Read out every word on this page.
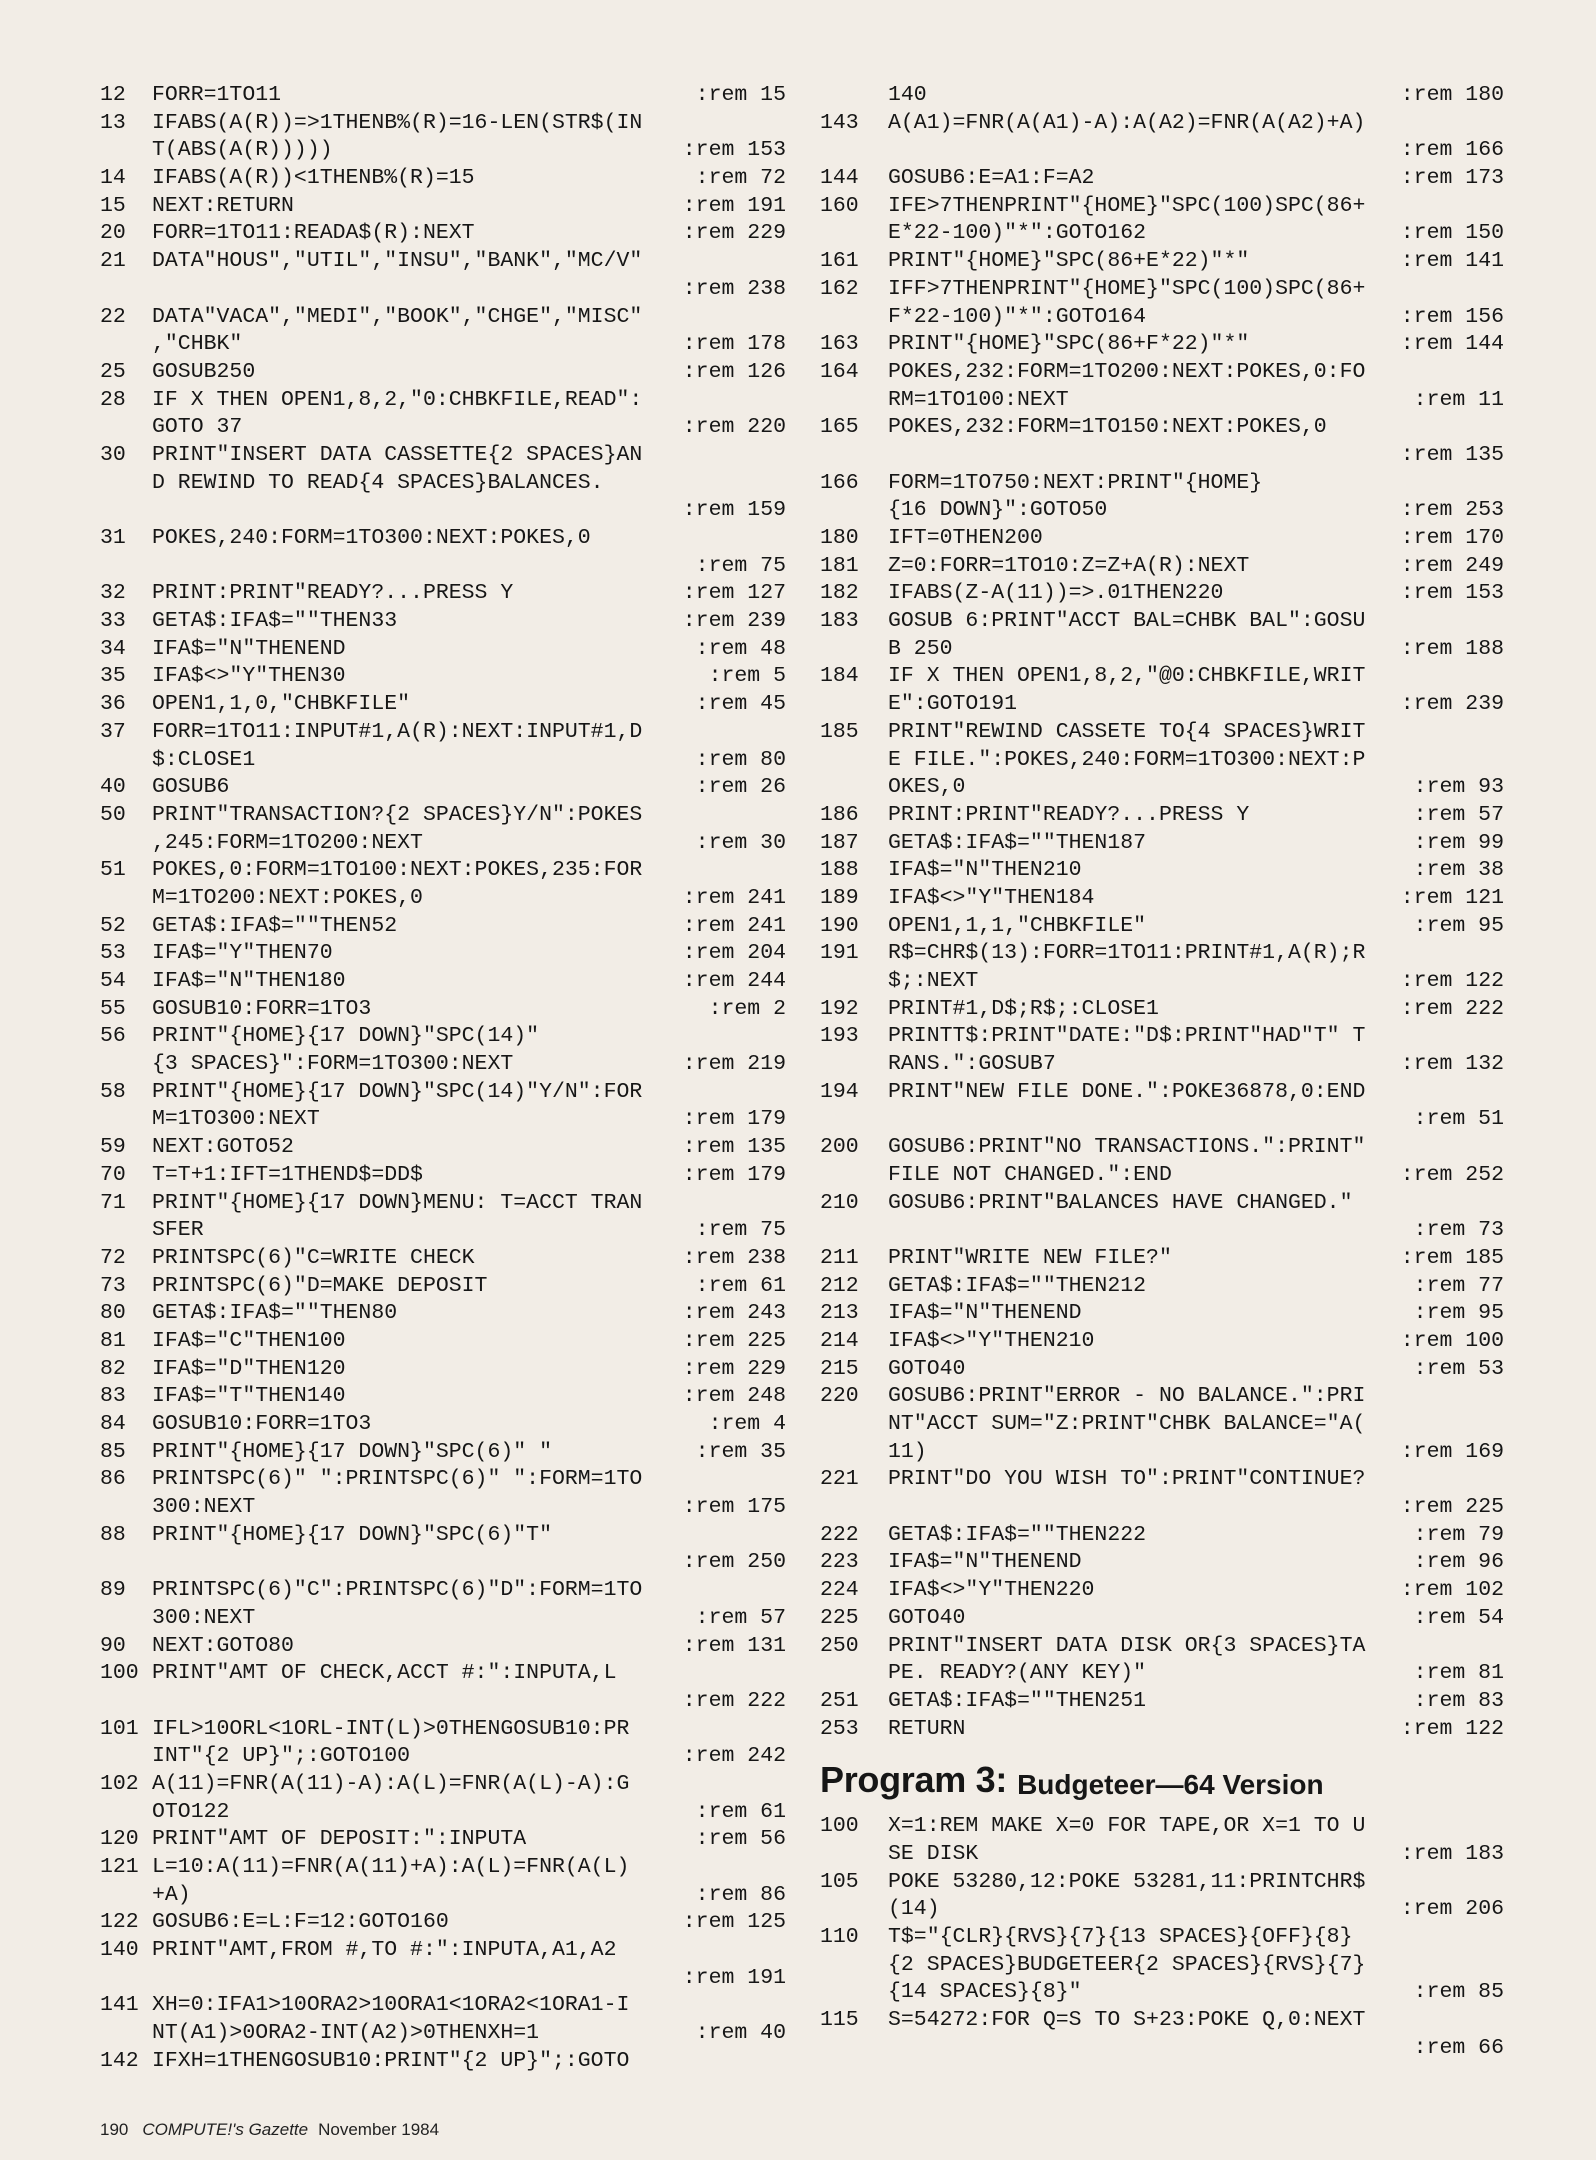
12	FORR=1TO11	:rem 15
13	IFABS(A(R))=>1THENB%(R)=16-LEN(STR$(IN
T(ABS(A(R)))))	:rem 153
14	IFABS(A(R))<1THENB%(R)=15	:rem 72
15	NEXT:RETURN	:rem 191
20	FORR=1TO11:READA$(R):NEXT	:rem 229
21	DATA"HOUS","UTIL","INSU","BANK","MC/V"
:rem 238
22	DATA"VACA","MEDI","BOOK","CHGE","MISC"
,"CHBK"	:rem 178
25	GOSUB250	:rem 126
28	IF X THEN OPEN1,8,2,"0:CHBKFILE,READ":
GOTO 37	:rem 220
30	PRINT"INSERT DATA CASSETTE{2 SPACES}AN
D REWIND TO READ{4 SPACES}BALANCES.
:rem 159
31	POKES,240:FORM=1TO300:NEXT:POKES,0
:rem 75
32	PRINT:PRINT"READY?...PRESS Y	:rem 127
33	GETA$:IFA$=""THEN33	:rem 239
34	IFA$="N"THENEND	:rem 48
35	IFA$<>"Y"THEN30	:rem 5
36	OPEN1,1,0,"CHBKFILE"	:rem 45
37	FORR=1TO11:INPUT#1,A(R):NEXT:INPUT#1,D
$:CLOSE1	:rem 80
40	GOSUB6	:rem 26
50	PRINT"TRANSACTION?{2 SPACES}Y/N":POKES
,245:FORM=1TO200:NEXT	:rem 30
51	POKES,0:FORM=1TO100:NEXT:POKES,235:FOR
M=1TO200:NEXT:POKES,0	:rem 241
52	GETA$:IFA$=""THEN52	:rem 241
53	IFA$="Y"THEN70	:rem 204
54	IFA$="N"THEN180	:rem 244
55	GOSUB10:FORR=1TO3	:rem 2
56	PRINT"{HOME}{17 DOWN}"SPC(14)"
{3 SPACES}":FORM=1TO300:NEXT	:rem 219
58	PRINT"{HOME}{17 DOWN}"SPC(14)"Y/N":FOR
M=1TO300:NEXT	:rem 179
59	NEXT:GOTO52	:rem 135
70	T=T+1:IFT=1THEND$=DD$	:rem 179
71	PRINT"{HOME}{17 DOWN}MENU: T=ACCT TRAN
SFER	:rem 75
72	PRINTSPC(6)"C=WRITE CHECK	:rem 238
73	PRINTSPC(6)"D=MAKE DEPOSIT	:rem 61
80	GETA$:IFA$=""THEN80	:rem 243
81	IFA$="C"THEN100	:rem 225
82	IFA$="D"THEN120	:rem 229
83	IFA$="T"THEN140	:rem 248
84	GOSUB10:FORR=1TO3	:rem 4
85	PRINT"{HOME}{17 DOWN}"SPC(6)" "	:rem 35
86	PRINTSPC(6)" ":PRINTSPC(6)" ":FORM=1TO
300:NEXT	:rem 175
88	PRINT"{HOME}{17 DOWN}"SPC(6)"T"
:rem 250
89	PRINTSPC(6)"C":PRINTSPC(6)"D":FORM=1TO
300:NEXT	:rem 57
90	NEXT:GOTO80	:rem 131
100 PRINT"AMT OF CHECK,ACCT #:":INPUTA,L
:rem 222
101 IFL>10ORL<1ORL-INT(L)>0THENGOSUB10:PR
INT"{2 UP}";:GOTO100	:rem 242
102 A(11)=FNR(A(11)-A):A(L)=FNR(A(L)-A):G
OTO122	:rem 61
120 PRINT"AMT OF DEPOSIT:":INPUTA	:rem 56
121 L=10:A(11)=FNR(A(11)+A):A(L)=FNR(A(L)
+A)	:rem 86
122 GOSUB6:E=L:F=12:GOTO160	:rem 125
140 PRINT"AMT,FROM #,TO #:":INPUTA,A1,A2
:rem 191
141 XH=0:IFA1>10ORA2>10ORA1<1ORA2<1ORA1-I
NT(A1)>0ORA2-INT(A2)>0THENXH=1	:rem 40
142 IFXH=1THENGOSUB10:PRINT"{2 UP}";:GOTO
140	:rem 180
143	A(A1)=FNR(A(A1)-A):A(A2)=FNR(A(A2)+A)
:rem 166
144	GOSUB6:E=A1:F=A2	:rem 173
160	IFE>7THENPRINT"{HOME}"SPC(100)SPC(86+
E*22-100)"*":GOTO162	:rem 150
161	PRINT"{HOME}"SPC(86+E*22)"*"	:rem 141
162	IFF>7THENPRINT"{HOME}"SPC(100)SPC(86+
F*22-100)"*":GOTO164	:rem 156
163	PRINT"{HOME}"SPC(86+F*22)"*"	:rem 144
164	POKES,232:FORM=1TO200:NEXT:POKES,0:FO
RM=1TO100:NEXT	:rem 11
165	POKES,232:FORM=1TO150:NEXT:POKES,0
:rem 135
166	FORM=1TO750:NEXT:PRINT"{HOME}
{16 DOWN}":GOTO50	:rem 253
180	IFT=0THEN200	:rem 170
181	Z=0:FORR=1TO10:Z=Z+A(R):NEXT	:rem 249
182	IFABS(Z-A(11))=>.01THEN220	:rem 153
183	GOSUB 6:PRINT"ACCT BAL=CHBK BAL":GOSU
B 250	:rem 188
184	IF X THEN OPEN1,8,2,"@0:CHBKFILE,WRIT
E":GOTO191	:rem 239
185	PRINT"REWIND CASSETE TO{4 SPACES}WRIT
E FILE.":POKES,240:FORM=1TO300:NEXT:P
OKES,0	:rem 93
186	PRINT:PRINT"READY?...PRESS Y	:rem 57
187	GETA$:IFA$=""THEN187	:rem 99
188	IFA$="N"THEN210	:rem 38
189	IFA$<>"Y"THEN184	:rem 121
190	OPEN1,1,1,"CHBKFILE"	:rem 95
191	R$=CHR$(13):FORR=1TO11:PRINT#1,A(R);R
$;:NEXT	:rem 122
192	PRINT#1,D$;R$;:CLOSE1	:rem 222
193	PRINTT$:PRINT"DATE:"D$:PRINT"HAD"T" T
RANS.":GOSUB7	:rem 132
194	PRINT"NEW FILE DONE.":POKE36878,0:END
:rem 51
200	GOSUB6:PRINT"NO TRANSACTIONS.":PRINT"
FILE NOT CHANGED.":END	:rem 252
210	GOSUB6:PRINT"BALANCES HAVE CHANGED."
:rem 73
211	PRINT"WRITE NEW FILE?"	:rem 185
212	GETA$:IFA$=""THEN212	:rem 77
213	IFA$="N"THENEND	:rem 95
214	IFA$<>"Y"THEN210	:rem 100
215	GOTO40	:rem 53
220	GOSUB6:PRINT"ERROR - NO BALANCE.":PRI
NT"ACCT SUM="Z:PRINT"CHBK BALANCE="A(
11)	:rem 169
221	PRINT"DO YOU WISH TO":PRINT"CONTINUE?
:rem 225
222	GETA$:IFA$=""THEN222	:rem 79
223	IFA$="N"THENEND	:rem 96
224	IFA$<>"Y"THEN220	:rem 102
225	GOTO40	:rem 54
250	PRINT"INSERT DATA DISK OR{3 SPACES}TA
PE. READY?(ANY KEY)"	:rem 81
251	GETA$:IFA$=""THEN251	:rem 83
253	RETURN	:rem 122
Program 3: Budgeteer—64 Version
100	X=1:REM MAKE X=0 FOR TAPE,OR X=1 TO U
SE DISK	:rem 183
105	POKE 53280,12:POKE 53281,11:PRINTCHR$
(14)	:rem 206
110	T$="{CLR}{RVS}{7}{13 SPACES}{OFF}{8}
{2 SPACES}BUDGETEER{2 SPACES}{RVS}{7}
{14 SPACES}{8}"	:rem 85
115	S=54272:FOR Q=S TO S+23:POKE Q,0:NEXT
:rem 66
190 COMPUTE!'s Gazette November 1984
